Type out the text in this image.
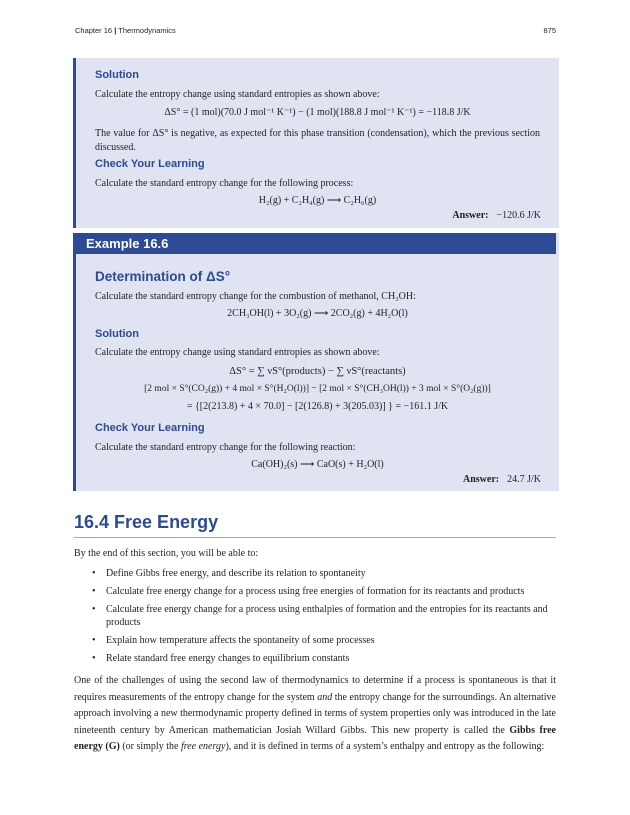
Chapter 16 | Thermodynamics	875
Solution
Calculate the entropy change using standard entropies as shown above:
ΔS° = (1 mol)(70.0 J mol⁻¹ K⁻¹) − (1 mol)(188.8 J mol⁻¹ K⁻¹) = −118.8 J/K
The value for ΔS° is negative, as expected for this phase transition (condensation), which the previous section discussed.
Check Your Learning
Calculate the standard entropy change for the following process:
H₂(g) + C₂H₄(g) ⟶ C₂H₆(g)
Answer: −120.6 J/K
Determination of ΔS°
Calculate the standard entropy change for the combustion of methanol, CH₃OH:
2CH₃OH(l) + 3O₂(g) ⟶ 2CO₂(g) + 4H₂O(l)
Solution
Calculate the entropy change using standard entropies as shown above:
ΔS° = ∑ νS°(products) − ∑ νS°(reactants)
[2 mol × S°(CO₂(g)) + 4 mol × S°(H₂O(l))] − [2 mol × S°(CH₃OH(l)) + 3 mol × S°(O₂(g))]
= {[2(213.8) + 4 × 70.0] − [2(126.8) + 3(205.03)] } = −161.1 J/K
Check Your Learning
Calculate the standard entropy change for the following reaction:
Ca(OH)₂(s) ⟶ CaO(s) + H₂O(l)
Answer: 24.7 J/K
Example 16.6
16.4 Free Energy
By the end of this section, you will be able to:
• Define Gibbs free energy, and describe its relation to spontaneity
• Calculate free energy change for a process using free energies of formation for its reactants and products
• Calculate free energy change for a process using enthalpies of formation and the entropies for its reactants and products
• Explain how temperature affects the spontaneity of some processes
• Relate standard free energy changes to equilibrium constants
One of the challenges of using the second law of thermodynamics to determine if a process is spontaneous is that it requires measurements of the entropy change for the system and the entropy change for the surroundings. An alternative approach involving a new thermodynamic property defined in terms of system properties only was introduced in the late nineteenth century by American mathematician Josiah Willard Gibbs. This new property is called the Gibbs free energy (G) (or simply the free energy), and it is defined in terms of a system’s enthalpy and entropy as the following:
